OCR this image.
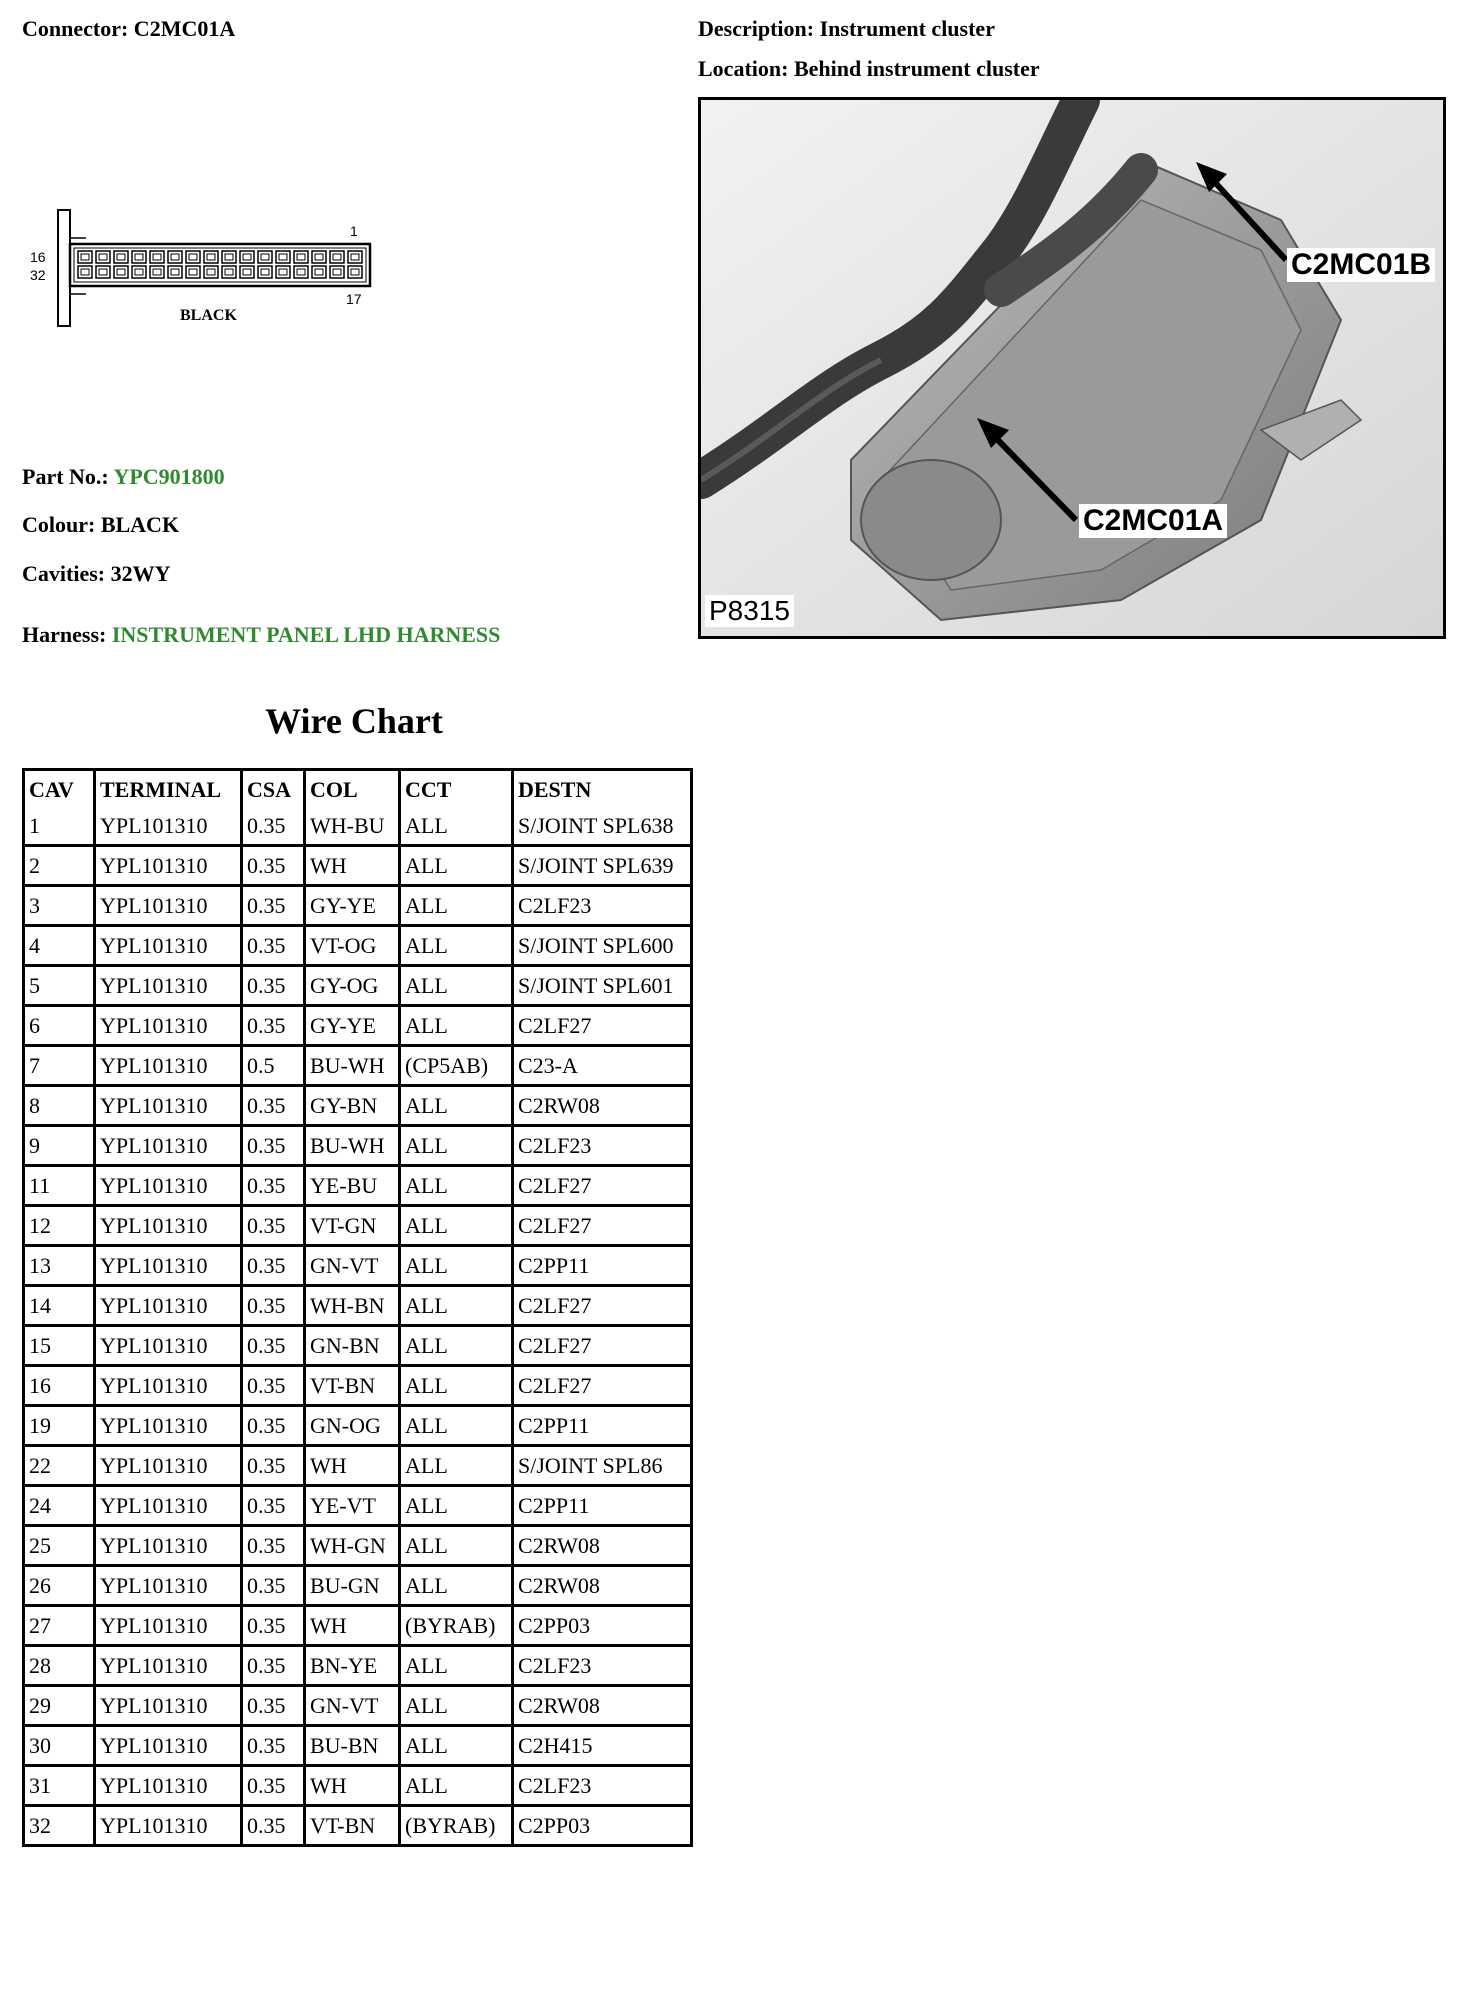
Connector: C2MC01A	Description: Instrument cluster
Location: Behind instrument cluster
1
16
32
17
BLACK
Part No.: YPC901800
Colour: BLACK
Cavities: 32WY
Harness: INSTRUMENT PANEL LHD HARNESS
C2MC01B
C2MC01A
P8315
Wire Chart
CAV	TERMINAL	CSA	COL	CCT	DESTN
1	YPL101310	0.35	WH-BU	ALL	S/JOINT SPL638
2	YPL101310	0.35	WH	ALL	S/JOINT SPL639
3	YPL101310	0.35	GY-YE	ALL	C2LF23
4	YPL101310	0.35	VT-OG	ALL	S/JOINT SPL600
5	YPL101310	0.35	GY-OG	ALL	S/JOINT SPL601
6	YPL101310	0.35	GY-YE	ALL	C2LF27
7	YPL101310	0.5	BU-WH	(CP5AB)	C23-A
8	YPL101310	0.35	GY-BN	ALL	C2RW08
9	YPL101310	0.35	BU-WH	ALL	C2LF23
11	YPL101310	0.35	YE-BU	ALL	C2LF27
12	YPL101310	0.35	VT-GN	ALL	C2LF27
13	YPL101310	0.35	GN-VT	ALL	C2PP11
14	YPL101310	0.35	WH-BN	ALL	C2LF27
15	YPL101310	0.35	GN-BN	ALL	C2LF27
16	YPL101310	0.35	VT-BN	ALL	C2LF27
19	YPL101310	0.35	GN-OG	ALL	C2PP11
22	YPL101310	0.35	WH	ALL	S/JOINT SPL86
24	YPL101310	0.35	YE-VT	ALL	C2PP11
25	YPL101310	0.35	WH-GN	ALL	C2RW08
26	YPL101310	0.35	BU-GN	ALL	C2RW08
27	YPL101310	0.35	WH	(BYRAB)	C2PP03
28	YPL101310	0.35	BN-YE	ALL	C2LF23
29	YPL101310	0.35	GN-VT	ALL	C2RW08
30	YPL101310	0.35	BU-BN	ALL	C2H415
31	YPL101310	0.35	WH	ALL	C2LF23
32	YPL101310	0.35	VT-BN	(BYRAB)	C2PP03
